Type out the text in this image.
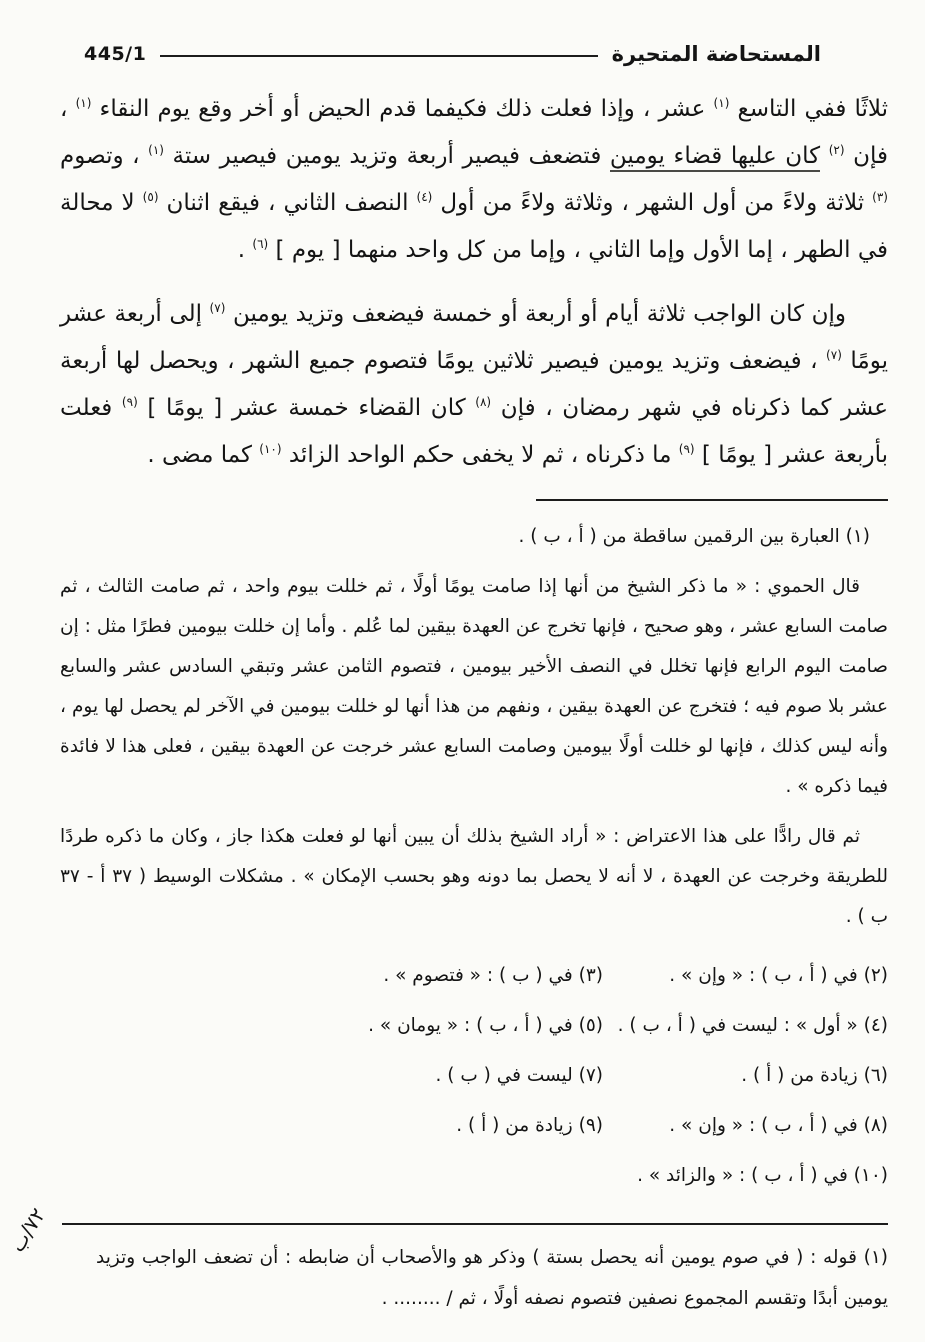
445/1	المستحاضة المتحيرة

ثلاثًا ففي التاسع $^{(١)}$ عشر ، وإذا فعلت ذلك فكيفما قدم الحيض أو أخر وقع يوم النقاء $^{(١)}$ ، فإن $^{(٢)}$ كان عليها قضاء يومين فتضعف فيصير أربعة وتزيد يومين فيصير ستة $^{(١)}$ ، وتصوم $^{(٣)}$ ثلاثة ولاءً من أول الشهر ، وثلاثة ولاءً من أول $^{(٤)}$ النصف الثاني ، فيقع اثنان $^{(٥)}$ لا محالة في الطهر ، إما الأول وإما الثاني ، وإما من كل واحد منهما [ يوم ] $^{(٦)}$ .

وإن كان الواجب ثلاثة أيام أو أربعة أو خمسة فيضعف وتزيد يومين $^{(٧)}$ إلى أربعة عشر يومًا $^{(٧)}$ ، فيضعف وتزيد يومين فيصير ثلاثين يومًا فتصوم جميع الشهر ، ويحصل لها أربعة عشر كما ذكرناه في شهر رمضان ، فإن $^{(٨)}$ كان القضاء خمسة عشر [ يومًا ] $^{(٩)}$ فعلت بأربعة عشر [ يومًا ] $^{(٩)}$ ما ذكرناه ، ثم لا يخفى حكم الواحد الزائد $^{(١٠)}$ كما مضى .

(١) العبارة بين الرقمين ساقطة من ( أ ، ب ) .

قال الحموي : « ما ذكر الشيخ من أنها إذا صامت يومًا أولًا ، ثم خللت بيوم واحد ، ثم صامت الثالث ، ثم صامت السابع عشر ، وهو صحيح ، فإنها تخرج عن العهدة بيقين لما عُلم . وأما إن خللت بيومين فطرًا مثل : إن صامت اليوم الرابع فإنها تخلل في النصف الأخير بيومين ، فتصوم الثامن عشر وتبقي السادس عشر والسابع عشر بلا صوم فيه ؛ فتخرج عن العهدة بيقين ، ونفهم من هذا أنها لو خللت بيومين في الآخر لم يحصل لها يوم ، وأنه ليس كذلك ، فإنها لو خللت أولًا بيومين وصامت السابع عشر خرجت عن العهدة بيقين ، فعلى هذا لا فائدة فيما ذكره » .

ثم قال رادًّا على هذا الاعتراض : « أراد الشيخ بذلك أن يبين أنها لو فعلت هكذا جاز ، وكان ما ذكره طردًا للطريقة وخرجت عن العهدة ، لا أنه لا يحصل بما دونه وهو بحسب الإمكان » . مشكلات الوسيط ( ٣٧ أ - ٣٧ ب ) .

(٢) في ( أ ، ب ) : « وإن » .
(٤) « أول » : ليست في ( أ ، ب ) .
(٦) زيادة من ( أ ) .
(٨) في ( أ ، ب ) : « وإن » .
(١٠) في ( أ ، ب ) : « والزائد » .
(٣) في ( ب ) : « فتصوم » .
(٥) في ( أ ، ب ) : « يومان » .
(٧) ليست في ( ب ) .
(٩) زيادة من ( أ ) .

(١) قوله : ( في صوم يومين أنه يحصل بستة ) وذكر هو والأصحاب أن ضابطه : أن تضعف الواجب وتزيد يومين أبدًا وتقسم المجموع نصفين فتصوم نصفه أولًا ، ثم / ........ .

٧٢/ب
